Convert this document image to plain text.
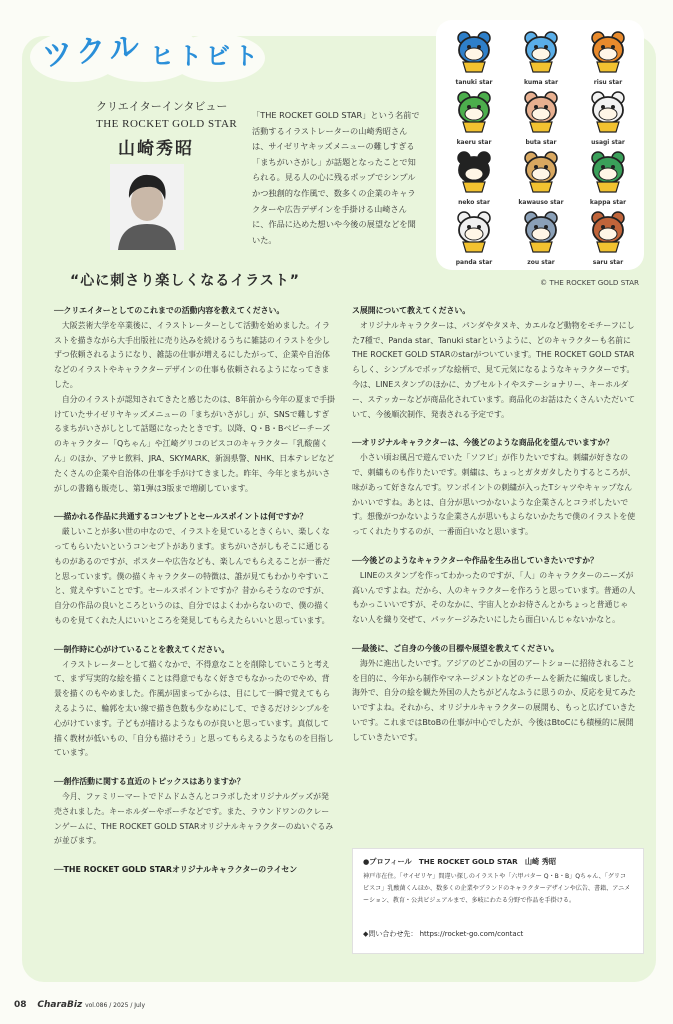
ツクル ヒトビト
クリエイターインタビュー
THE ROCKET GOLD STAR
山崎秀昭
「THE ROCKET GOLD STAR」という名前で活動するイラストレーターの山崎秀昭さんは、サイゼリヤキッズメニューの難しすぎる「まちがいさがし」が話題となったことで知られる。見る人の心に残るポップでシンプルかつ独創的な作風で、数多くの企業のキャラクターや広告デザインを手掛ける山崎さんに、作品に込めた想いや今後の展望などを聞いた。
tanuki star	kuma star	risu star
kaeru star	buta star	usagi star
neko star	kawauso star	kappa star
panda star	zou star	saru star
© THE ROCKET GOLD STAR
“心に刺さり楽しくなるイラスト”
──クリエイターとしてのこれまでの活動内容を教えてください。

大阪芸術大学を卒業後に、イラストレーターとして活動を始めました。イラストを描きながら大手出版社に売り込みを続けるうちに雑誌のイラストを少しずつ依頼されるようになり、雑誌の仕事が増えるにしたがって、企業や自治体などのイラストやキャラクターデザインの仕事も依頼されるようになってきました。

自分のイラストが認知されてきたと感じたのは、8年前から今年の夏まで手掛けていたサイゼリヤキッズメニューの「まちがいさがし」が、SNSで難しすぎるまちがいさがしとして話題になったときです。以降、Q・B・Bベビーチーズのキャラクター「Qちゃん」や江崎グリコのビスコのキャラクター「乳酸菌くん」のほか、アサヒ飲料、JRA、SKYMARK、新潟県警、NHK、日本テレビなどたくさんの企業や自治体の仕事を手がけてきました。昨年、今年とまちがいさがしの書籍も販売し、第1弾は3版まで増刷しています。

──描かれる作品に共通するコンセプトとセールスポイントは何ですか？

厳しいことが多い世の中なので、イラストを見ているときくらい、楽しくなってもらいたいというコンセプトがあります。まちがいさがしもそこに通じるものがあるのですが、ポスターや広告なども、楽しんでもらえることが一番だと思っています。僕の描くキャラクターの特徴は、誰が見てもわかりやすいこと、覚えやすいことです。セールスポイントですか？昔からそうなのですが、自分の作品の良いところというのは、自分ではよくわからないので、僕の描くものを見てくれた人にいいところを発見してもらえたらいいと思っています。

──制作時に心がけていることを教えてください。

イラストレーターとして描くなかで、不得意なことを削除していこうと考えて、まず写実的な絵を描くことは得意でもなく好きでもなかったのでやめ、背景を描くのもやめました。作風が固まってからは、目にして一瞬で覚えてもらえるように、輪郭を太い線で描き色数も少なめにして、できるだけシンプルを心がけています。子どもが描けるようなものが良いと思っています。真似して描く教材が低いもの、「自分も描けそう」と思ってもらえるようなものを目指しています。

──創作活動に関する直近のトピックスはありますか？

今月、ファミリーマートでドムドムさんとコラボしたオリジナルグッズが発売されました。キーホルダーやポーチなどです。また、ラウンドワンのクレーンゲームに、THE ROCKET GOLD STARオリジナルキャラクターのぬいぐるみが並びます。

──THE ROCKET GOLD STARオリジナルキャラクターのライセン
ス展開について教えてください。

オリジナルキャラクターは、パンダやタヌキ、カエルなど動物をモチーフにした7種で、Panda star、Tanuki starというように、どのキャラクターも名前にTHE ROCKET GOLD STARのstarがついています。THE ROCKET GOLD STARらしく、シンプルでポップな絵柄で、見て元気になるようなキャラクターです。今は、LINEスタンプのほかに、カプセルトイやステーショナリー、キーホルダー、ステッカーなどが商品化されています。商品化のお話はたくさんいただいていて、今後順次制作、発表される予定です。

──オリジナルキャラクターは、今後どのような商品化を望んでいますか？

小さい頃お風呂で遊んでいた「ソフビ」が作りたいですね。刺繍が好きなので、刺繍ものも作りたいです。刺繍は、ちょっとガタガタしたりするところが、味があって好きなんです。ワンポイントの刺繍が入ったTシャツやキャップなんかいいですね。あとは、自分が思いつかないような企業さんとコラボしたいです。想像がつかないような企業さんが思いもよらないかたちで僕のイラストを使ってくれたりするのが、一番面白いなと思います。

──今後どのようなキャラクターや作品を生み出していきたいですか？

LINEのスタンプを作ってわかったのですが、「人」のキャラクターのニーズが高いんですよね。だから、人のキャラクターを作ろうと思っています。普通の人もかっこいいですが、そのなかに、宇宙人とかお侍さんとかちょっと普通じゃない人を織り交ぜて、パッケージみたいにしたら面白いんじゃないかなと。

──最後に、ご自身の今後の目標や展望を教えてください。

海外に進出したいです。アジアのどこかの国のアートショーに招待されることを目的に、今年から制作やマネージメントなどのチームを新たに編成しました。海外で、自分の絵を観た外国の人たちがどんなふうに思うのか、反応を見てみたいですよね。それから、オリジナルキャラクターの展開も、もっと広げていきたいです。これまではBtoBの仕事が中心でしたが、今後はBtoCにも積極的に展開していきたいです。

●プロフィール　THE ROCKET GOLD STAR　山崎 秀昭
神戸市在住。「サイゼリヤ」間違い探しのイラストや「六甲バター Q・B・B」Qちゃん、「グリコ ビスコ」乳酸菌くんほか、数多くの企業やブランドのキャラクターデザインや広告、書籍、アニメーション、教育・公共ビジュアルまで、多岐にわたる分野で作品を手掛ける。
◆問い合わせ先： https://rocket-go.com/contact
08 CharaBiz vol.086 / 2025 / July
